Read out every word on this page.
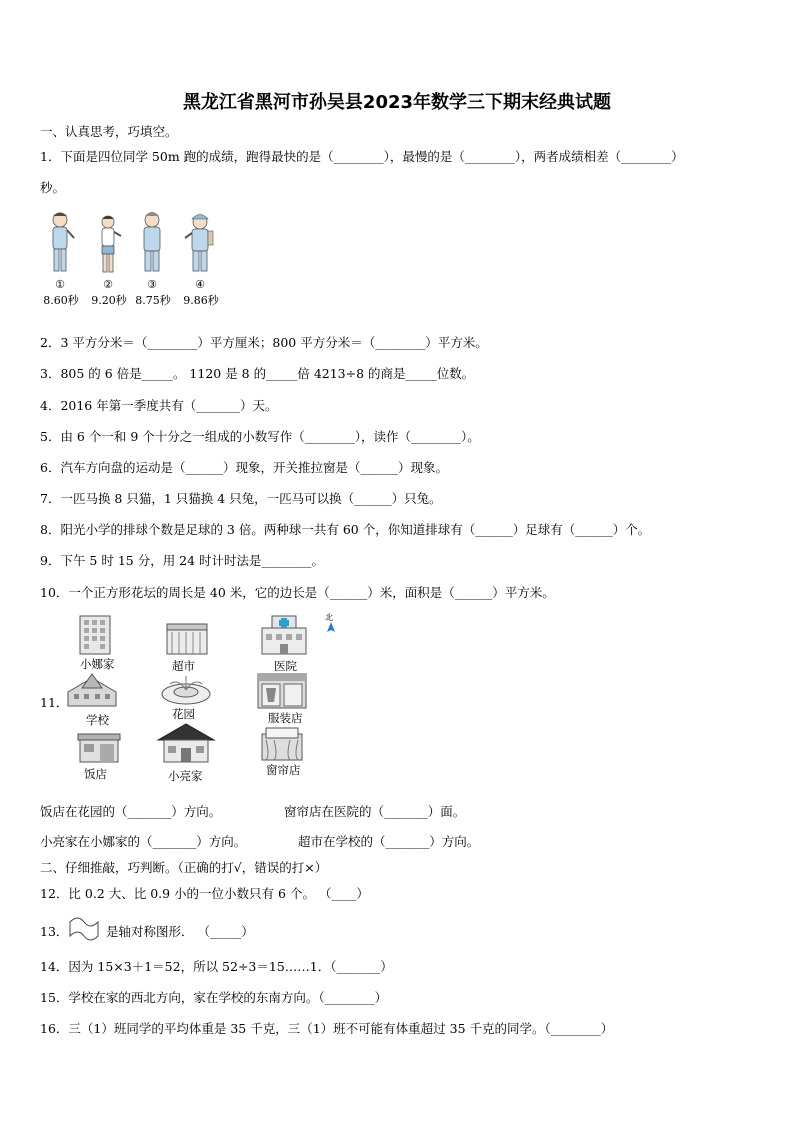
黑龙江省黑河市孙吴县2023年数学三下期末经典试题
一、认真思考，巧填空。
1．下面是四位同学 50m 跑的成绩，跑得最快的是（________），最慢的是（________），两者成绩相差（________）
秒。
①
8.60秒
②
9.20秒
③
8.75秒
④
9.86秒
2．3 平方分米＝（________）平方厘米；800 平方分米＝（________）平方米。
3．805 的 6 倍是_____。 1120 是 8 的_____倍 4213÷8 的商是_____位数。
4．2016 年第一季度共有（_______）天。
5．由 6 个一和 9 个十分之一组成的小数写作（________），读作（________）。
6．汽车方向盘的运动是（______）现象，开关推拉窗是（______）现象。
7．一匹马换 8 只猫，1 只猫换 4 只兔，一匹马可以换（______）只兔。
8．阳光小学的排球个数是足球的 3 倍。两种球一共有 60 个，你知道排球有（______）足球有（______）个。
9．下午 5 时 15 分，用 24 时计时法是________。
10．一个正方形花坛的周长是 40 米，它的边长是（______）米，面积是（______）平方米。
11．
北
小娜家	超市	医院
学校	花园	服装店
饭店	小亮家	窗帘店
饭店在花园的（_______）方向。	窗帘店在医院的（_______）面。
小亮家在小娜家的（_______）方向。	超市在学校的（_______）方向。
二、仔细推敲，巧判断。（正确的打√，错误的打×）
12．比 0.2 大、比 0.9 小的一位小数只有 6 个。 （____）
13．	是轴对称图形． （_____）
14．因为 15×3＋1＝52，所以 52÷3＝15……1．（_______）
15．学校在家的西北方向，家在学校的东南方向。（________）
16．三（1）班同学的平均体重是 35 千克，三（1）班不可能有体重超过 35 千克的同学。（________）
